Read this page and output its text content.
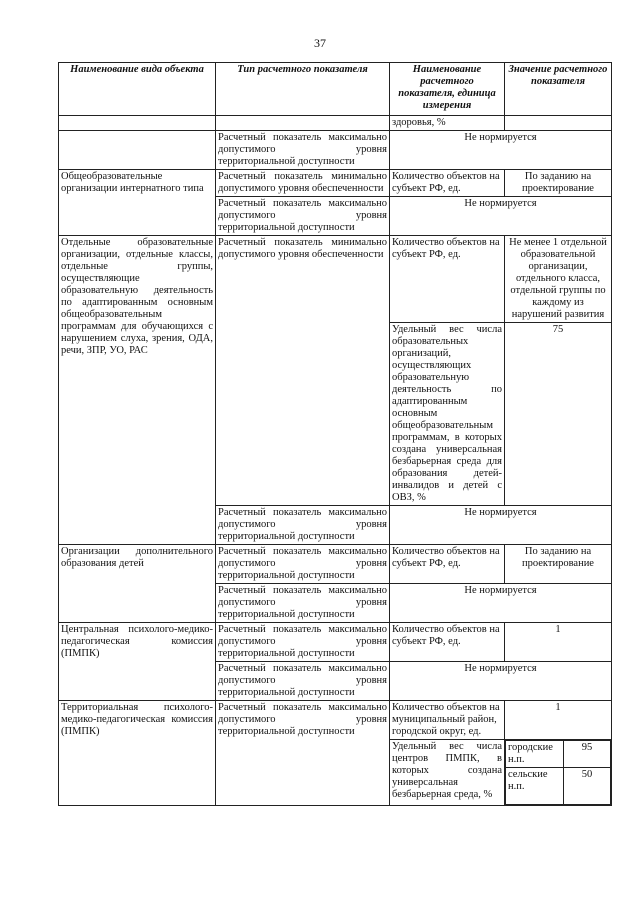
37
Наименование вида объекта	Тип расчетного показателя	Наименование расчетного показателя, единица измерения	Значение расчетного показателя
		здоровья, %	
	Расчетный показатель максимально допустимого уровня территориальной доступности	Не нормируется
Общеобразовательные организации интернатного типа	Расчетный показатель минимально допустимого уровня обеспеченности	Количество объектов на субъект РФ, ед.	По заданию на проектирование
Расчетный показатель максимально допустимого уровня территориальной доступности	Не нормируется
Отдельные образовательные организации, отдельные классы, отдельные группы, осуществляющие образовательную деятельность по адаптированным основным общеобразовательным программам для обучающихся с нарушением слуха, зрения, ОДА, речи, ЗПР, УО, РАС	Расчетный показатель минимально допустимого уровня обеспеченности	Количество объектов на субъект РФ, ед.	Не менее 1 отдельной образовательной организации, отдельного класса, отдельной группы по каждому из нарушений развития
Удельный вес числа образовательных организаций, осуществляющих образовательную деятельность по адаптированным основным общеобразовательным программам, в которых создана универсальная безбарьерная среда для образования детей-инвалидов и детей с ОВЗ, %	75
Расчетный показатель максимально допустимого уровня территориальной доступности	Не нормируется
Организации дополнительного образования детей	Расчетный показатель максимально допустимого уровня территориальной доступности	Количество объектов на субъект РФ, ед.	По заданию на проектирование
Расчетный показатель максимально допустимого уровня территориальной доступности	Не нормируется
Центральная психолого-медико-педагогическая комиссия (ПМПК)	Расчетный показатель максимально допустимого уровня территориальной доступности	Количество объектов на субъект РФ, ед.	1
Расчетный показатель максимально допустимого уровня территориальной доступности	Не нормируется
Территориальная психолого-медико-педагогическая комиссия (ПМПК)	Расчетный показатель максимально допустимого уровня территориальной доступности	Количество объектов на муниципальный район, городской округ, ед.	1
Удельный вес числа центров ПМПК, в которых создана универсальная безбарьерная среда, %	
городские н.п.	95
сельские н.п.	50
